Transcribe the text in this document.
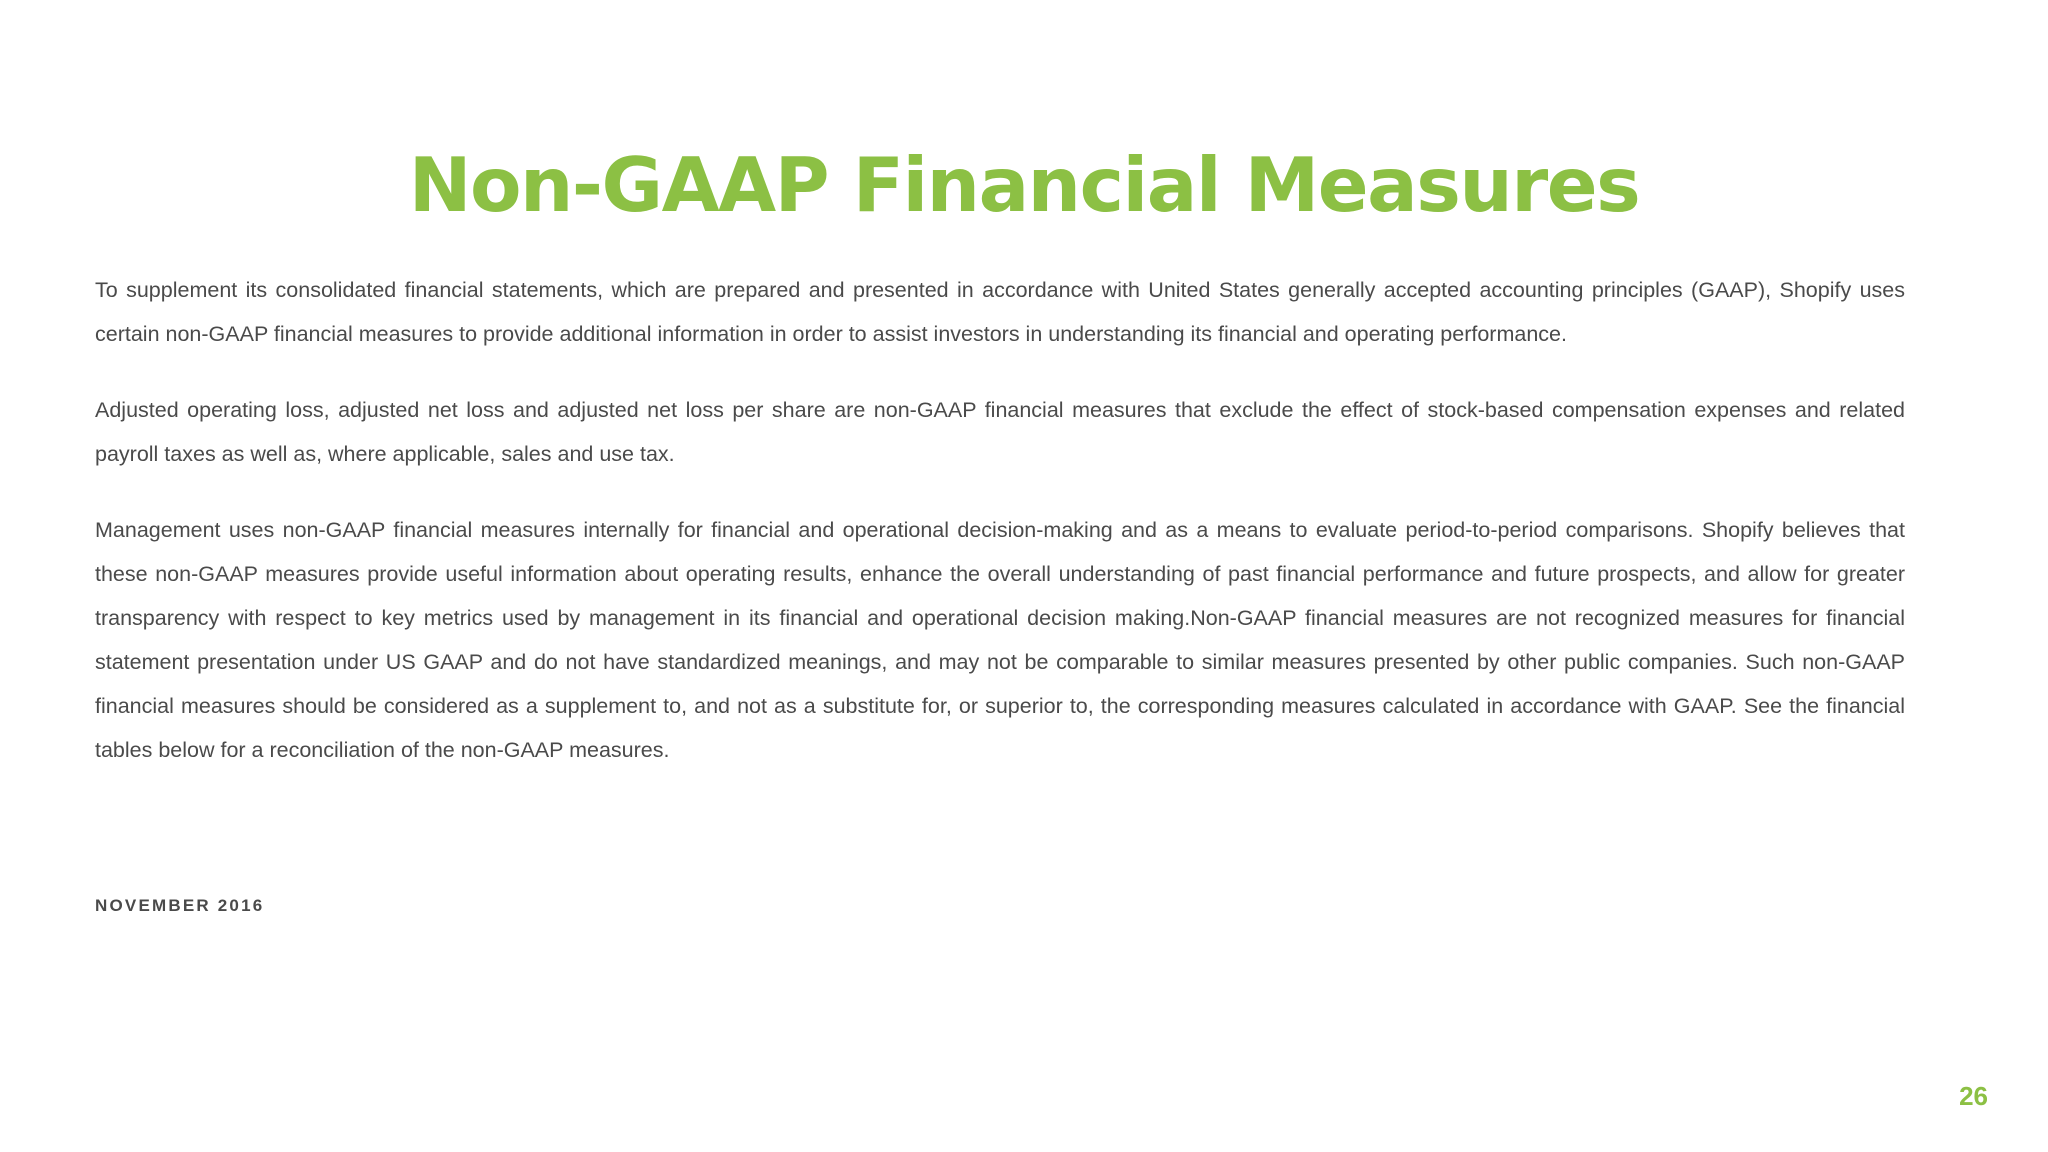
Non-GAAP Financial Measures

To supplement its consolidated financial statements, which are prepared and presented in accordance with United States generally accepted accounting principles (GAAP), Shopify uses certain non-GAAP financial measures to provide additional information in order to assist investors in understanding its financial and operating performance.

Adjusted operating loss, adjusted net loss and adjusted net loss per share are non-GAAP financial measures that exclude the effect of stock-based compensation expenses and related payroll taxes as well as, where applicable, sales and use tax.

Management uses non-GAAP financial measures internally for financial and operational decision-making and as a means to evaluate period-to-period comparisons. Shopify believes that these non-GAAP measures provide useful information about operating results, enhance the overall understanding of past financial performance and future prospects, and allow for greater transparency with respect to key metrics used by management in its financial and operational decision making.Non-GAAP financial measures are not recognized measures for financial statement presentation under US GAAP and do not have standardized meanings, and may not be comparable to similar measures presented by other public companies. Such non-GAAP financial measures should be considered as a supplement to, and not as a substitute for, or superior to, the corresponding measures calculated in accordance with GAAP. See the financial tables below for a reconciliation of the non-GAAP measures.

NOVEMBER 2016
26
